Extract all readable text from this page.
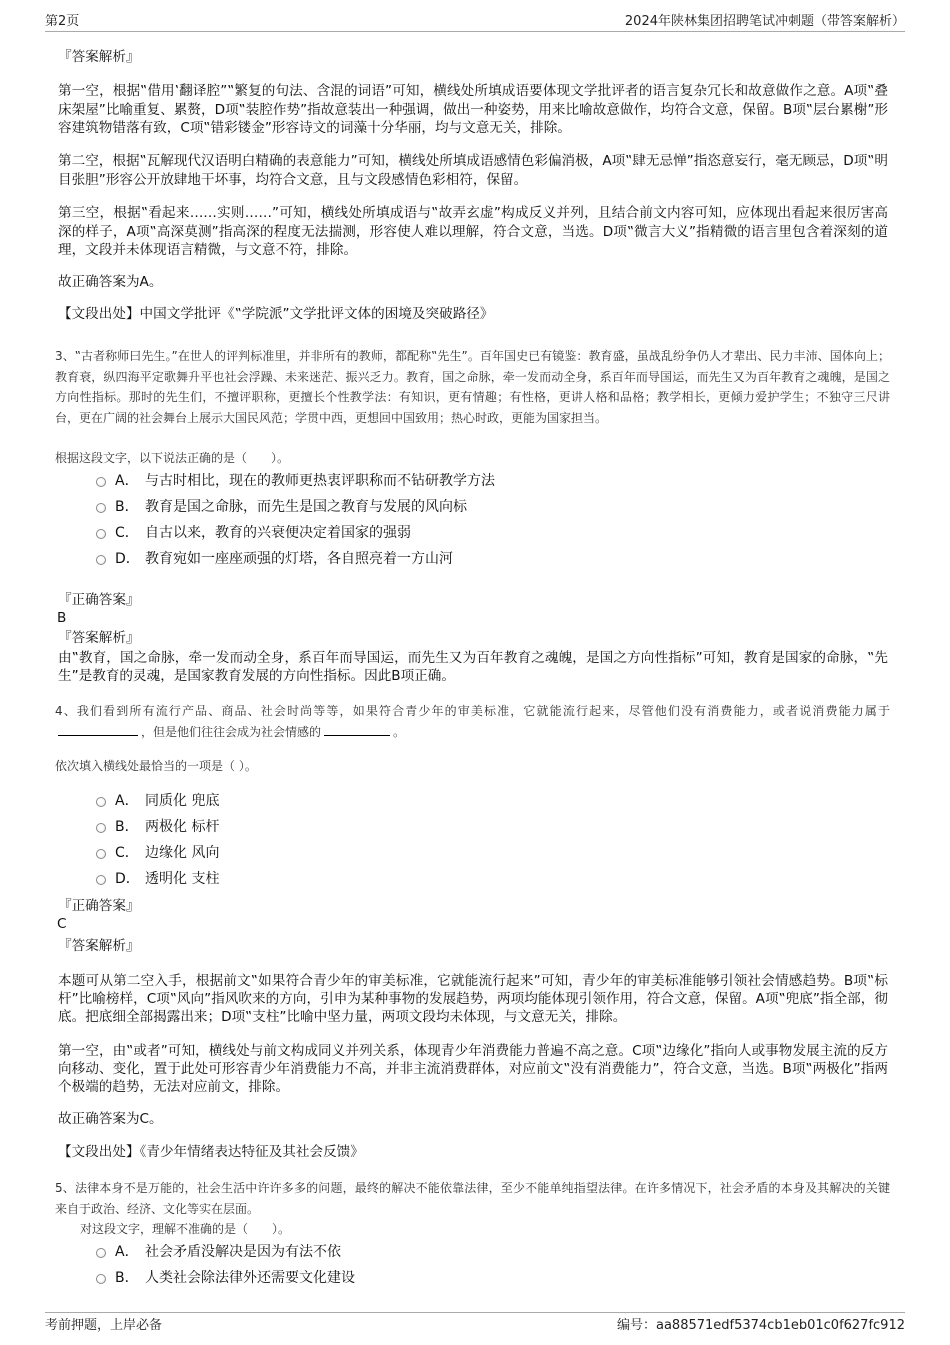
第2页	2024年陕林集团招聘笔试冲刺题（带答案解析）
『答案解析』
第一空，根据‟借用‛翻译腔”‟繁复的句法、含混的词语”可知，横线处所填成语要体现文学批评者的语言复杂冗长和故意做作之意。A项‟叠床架屋”比喻重复、累赘，D项‟装腔作势”指故意装出一种强调，做出一种姿势，用来比喻故意做作，均符合文意，保留。B项‟层台累榭”形容建筑物错落有致，C项‟错彩镂金”形容诗文的词藻十分华丽，均与文意无关，排除。
第二空，根据‟瓦解现代汉语明白精确的表意能力”可知，横线处所填成语感情色彩偏消极，A项‟肆无忌惮”指恣意妄行，毫无顾忌，D项‟明目张胆”形容公开放肆地干坏事，均符合文意，且与文段感情色彩相符，保留。
第三空，根据‟看起来……实则……”可知，横线处所填成语与‟故弄玄虚”构成反义并列，且结合前文内容可知，应体现出看起来很厉害高深的样子，A项‟高深莫测”指高深的程度无法揣测，形容使人难以理解，符合文意，当选。D项‟微言大义”指精微的语言里包含着深刻的道理，文段并未体现语言精微，与文意不符，排除。
故正确答案为A。
【文段出处】中国文学批评《‟学院派”文学批评文体的困境及突破路径》
3、‟古者称师曰先生。”在世人的评判标准里，并非所有的教师，都配称‟先生”。百年国史已有镜鉴：教育盛，虽战乱纷争仍人才辈出、民力丰沛、国体向上；教育衰，纵四海平定歌舞升平也社会浮躁、未来迷茫、振兴乏力。教育，国之命脉，牵一发而动全身，系百年而导国运，而先生又为百年教育之魂魄，是国之方向性指标。那时的先生们，不擅评职称，更擅长个性教学法：有知识，更有情趣；有性格，更讲人格和品格；教学相长，更倾力爱护学生；不独守三尺讲台，更在广阔的社会舞台上展示大国民风范；学贯中西，更想回中国致用；热心时政，更能为国家担当。
根据这段文字，以下说法正确的是（　　）。
A． 与古时相比，现在的教师更热衷评职称而不钻研教学方法
B． 教育是国之命脉，而先生是国之教育与发展的风向标
C． 自古以来，教育的兴衰便决定着国家的强弱
D． 教育宛如一座座顽强的灯塔，各自照亮着一方山河
『正确答案』
B
『答案解析』
由‟教育，国之命脉，牵一发而动全身，系百年而导国运，而先生又为百年教育之魂魄，是国之方向性指标”可知，教育是国家的命脉，‟先生”是教育的灵魂，是国家教育发展的方向性指标。因此B项正确。
4、我们看到所有流行产品、商品、社会时尚等等，如果符合青少年的审美标准，它就能流行起来，尽管他们没有消费能力，或者说消费能力属于，但是他们往往会成为社会情感的	。
依次填入横线处最恰当的一项是（ ）。
A． 同质化 兜底
B． 两极化 标杆
C． 边缘化 风向
D． 透明化 支柱
『正确答案』
C
『答案解析』
本题可从第二空入手，根据前文‟如果符合青少年的审美标准，它就能流行起来”可知，青少年的审美标准能够引领社会情感趋势。B项‟标杆”比喻榜样，C项‟风向”指风吹来的方向，引申为某种事物的发展趋势，两项均能体现引领作用，符合文意，保留。A项‟兜底”指全部，彻底。把底细全部揭露出来；D项‟支柱”比喻中坚力量，两项文段均未体现，与文意无关，排除。
第一空，由‟或者”可知，横线处与前文构成同义并列关系，体现青少年消费能力普遍不高之意。C项‟边缘化”指向人或事物发展主流的反方向移动、变化，置于此处可形容青少年消费能力不高，并非主流消费群体，对应前文‟没有消费能力”，符合文意，当选。B项‟两极化”指两个极端的趋势，无法对应前文，排除。
故正确答案为C。
【文段出处】《青少年情绪表达特征及其社会反馈》
5、法律本身不是万能的，社会生活中许许多多的问题，最终的解决不能依靠法律，至少不能单纯指望法律。在许多情况下，社会矛盾的本身及其解决的关键来自于政治、经济、文化等实在层面。
对这段文字，理解不准确的是（　　）。
A． 社会矛盾没解决是因为有法不依
B． 人类社会除法律外还需要文化建设
考前押题，上岸必备	编号：aa88571edf5374cb1eb01c0f627fc912
